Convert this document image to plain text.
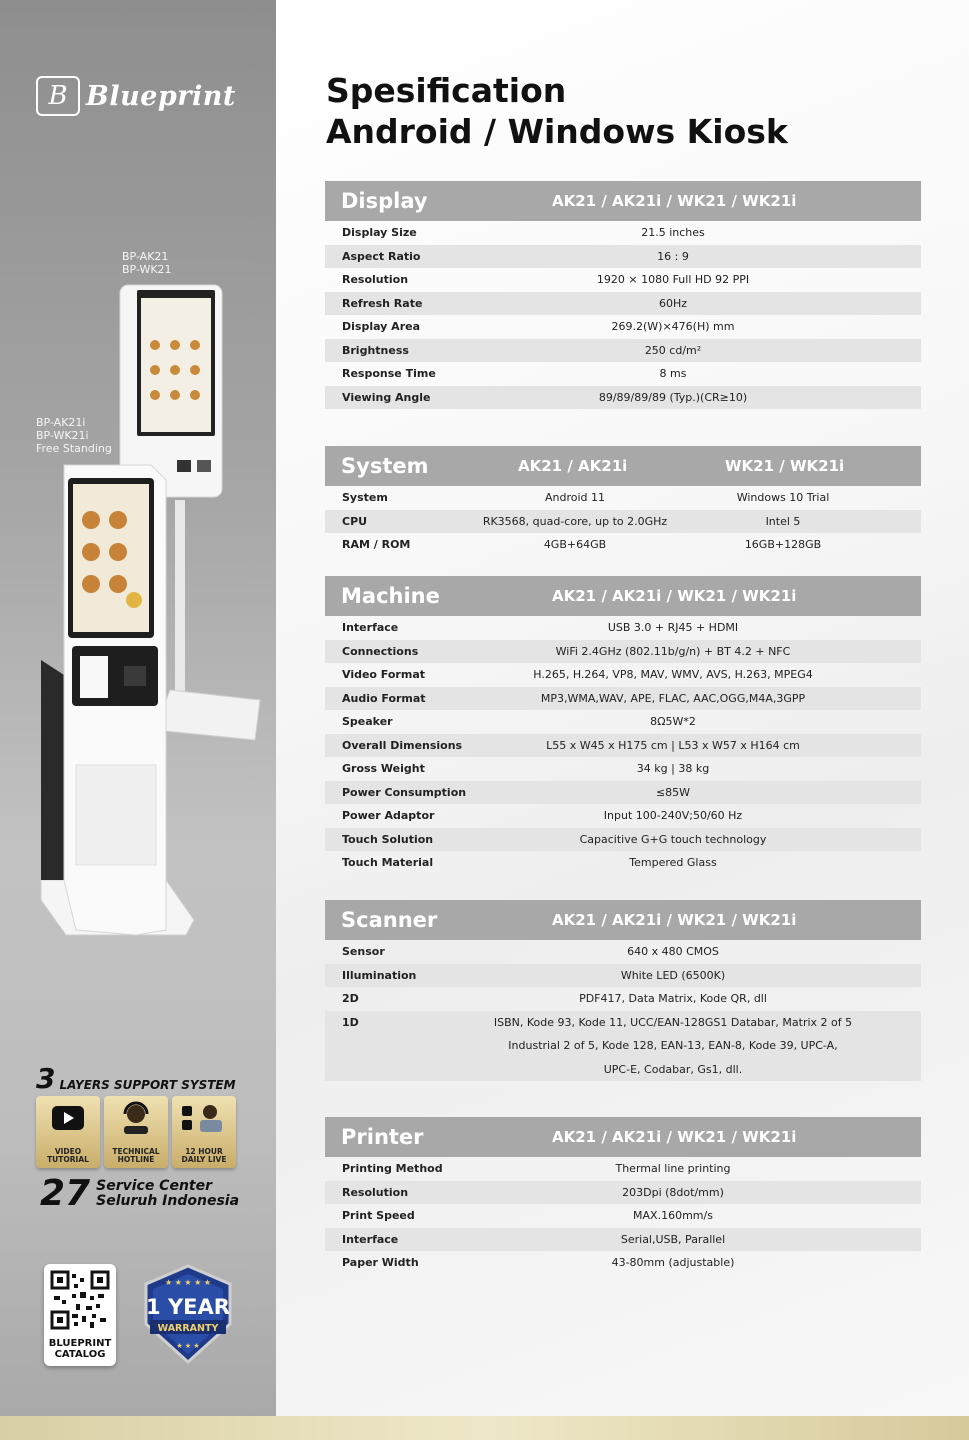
B Blueprint
BP-AK21
BP-WK21
BP-AK21i
BP-WK21i
Free Standing
3 LAYERS SUPPORT SYSTEM
VIDEO
TUTORIAL
TECHNICAL
HOTLINE
12 HOUR
DAILY LIVE
27 Service Center
Seluruh Indonesia
BLUEPRINT
CATALOG
★ ★ ★ ★ ★
1 YEAR
WARRANTY
★ ★ ★
Spesification
Android / Windows Kiosk
Display	AK21 / AK21i / WK21 / WK21i
Display Size	21.5 inches
Aspect Ratio	16 : 9
Resolution	1920 × 1080 Full HD 92 PPI
Refresh Rate	60Hz
Display Area	269.2(W)×476(H) mm
Brightness	250 cd/m²
Response Time	8 ms
Viewing Angle	89/89/89/89 (Typ.)(CR≥10)
System	AK21 / AK21i	WK21 / WK21i
System	Android 11	Windows 10 Trial
CPU	RK3568, quad-core, up to 2.0GHz	Intel 5
RAM / ROM	4GB+64GB	16GB+128GB
Machine	AK21 / AK21i / WK21 / WK21i
Interface	USB 3.0 + RJ45 + HDMI
Connections	WiFi 2.4GHz (802.11b/g/n) + BT 4.2 + NFC
Video Format	H.265, H.264, VP8, MAV, WMV, AVS, H.263, MPEG4
Audio Format	MP3,WMA,WAV, APE, FLAC, AAC,OGG,M4A,3GPP
Speaker	8Ω5W*2
Overall Dimensions	L55 x W45 x H175 cm | L53 x W57 x H164 cm
Gross Weight	34 kg | 38 kg
Power Consumption	≤85W
Power Adaptor	Input 100-240V;50/60 Hz
Touch Solution	Capacitive G+G touch technology
Touch Material	Tempered Glass
Scanner	AK21 / AK21i / WK21 / WK21i
Sensor	640 x 480 CMOS
Illumination	White LED (6500K)
2D	PDF417, Data Matrix, Kode QR, dll
1D	ISBN, Kode 93, Kode 11, UCC/EAN-128GS1 Databar, Matrix 2 of 5
Industrial 2 of 5, Kode 128, EAN-13, EAN-8, Kode 39, UPC-A,
UPC-E, Codabar, Gs1, dll.
Printer	AK21 / AK21i / WK21 / WK21i
Printing Method	Thermal line printing
Resolution	203Dpi (8dot/mm)
Print Speed	MAX.160mm/s
Interface	Serial,USB, Parallel
Paper Width	43-80mm (adjustable)
